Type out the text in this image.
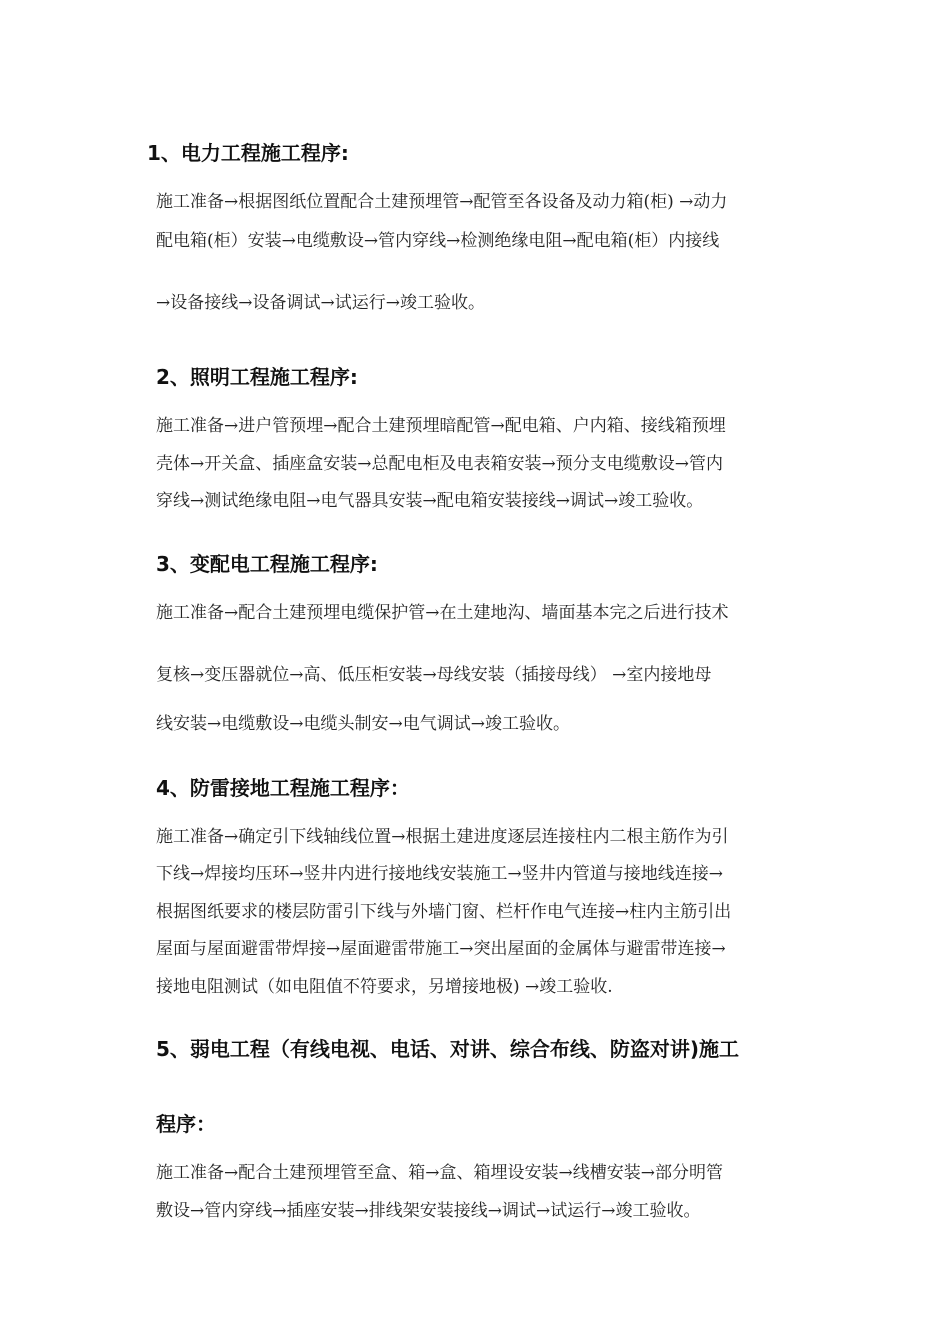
1、电力工程施工程序:
施工准备→根据图纸位置配合土建预埋管→配管至各设备及动力箱(柜) →动力
配电箱(柜）安装→电缆敷设→管内穿线→检测绝缘电阻→配电箱(柜）内接线
→设备接线→设备调试→试运行→竣工验收。
2、照明工程施工程序:
施工准备→进户管预埋→配合土建预埋暗配管→配电箱、户内箱、接线箱预埋
壳体→开关盒、插座盒安装→总配电柜及电表箱安装→预分支电缆敷设→管内
穿线→测试绝缘电阻→电气器具安装→配电箱安装接线→调试→竣工验收。
3、变配电工程施工程序:
施工准备→配合土建预埋电缆保护管→在土建地沟、墙面基本完之后进行技术
复核→变压器就位→高、低压柜安装→母线安装（插接母线） →室内接地母
线安装→电缆敷设→电缆头制安→电气调试→竣工验收。
4、防雷接地工程施工程序：
施工准备→确定引下线轴线位置→根据土建进度逐层连接柱内二根主筋作为引
下线→焊接均压环→竖井内进行接地线安装施工→竖井内管道与接地线连接→
根据图纸要求的楼层防雷引下线与外墙门窗、栏杆作电气连接→柱内主筋引出
屋面与屋面避雷带焊接→屋面避雷带施工→突出屋面的金属体与避雷带连接→
接地电阻测试（如电阻值不符要求，另增接地极) →竣工验收.
5、弱电工程（有线电视、电话、对讲、综合布线、防盗对讲)施工
程序：
施工准备→配合土建预埋管至盒、箱→盒、箱埋设安装→线槽安装→部分明管
敷设→管内穿线→插座安装→排线架安装接线→调试→试运行→竣工验收。
